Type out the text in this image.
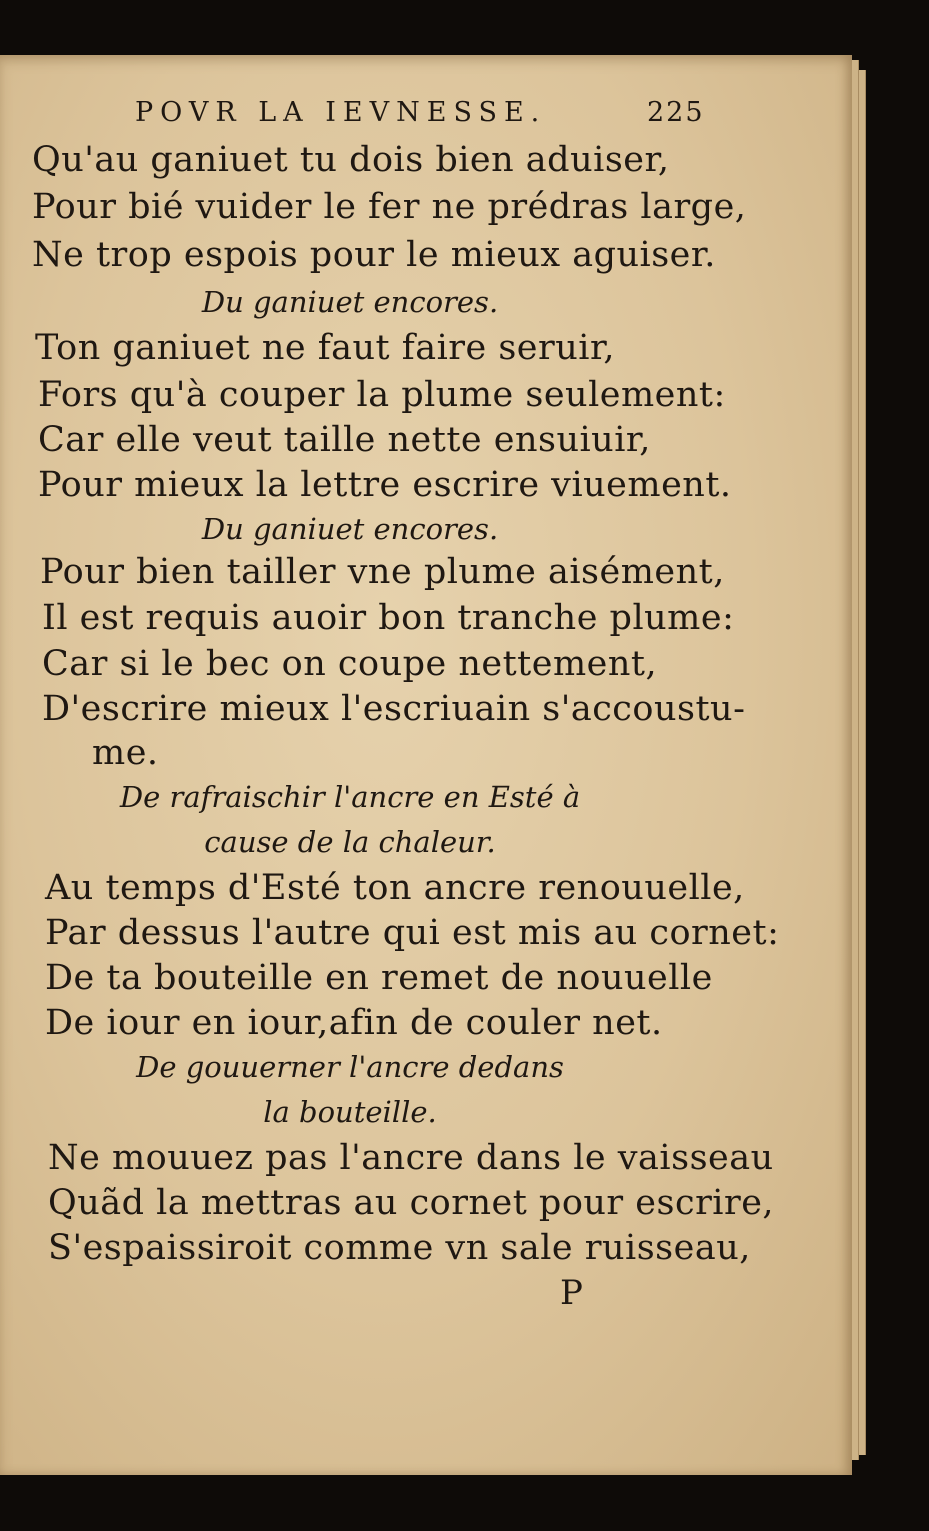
POVR LA IEVNESSE.	225
Qu'au ganiuet tu dois bien aduiser,
Pour bié vuider le fer ne prédras large,
Ne trop espois pour le mieux aguiser.
Du ganiuet encores.
Ton ganiuet ne faut faire seruir,
Fors qu'à couper la plume seulement:
Car elle veut taille nette ensuiuir,
Pour mieux la lettre escrire viuement.
Du ganiuet encores.
Pour bien tailler vne plume aisément,
Il est requis auoir bon tranche plume:
Car si le bec on coupe nettement,
D'escrire mieux l'escriuain s'accoustu-
me.
De rafraischir l'ancre en Esté à
cause de la chaleur.
Au temps d'Esté ton ancre renouuelle,
Par dessus l'autre qui est mis au cornet:
De ta bouteille en remet de nouuelle
De iour en iour,afin de couler net.
De gouuerner l'ancre dedans
la bouteille.
Ne mouuez pas l'ancre dans le vaisseau
Quãd la mettras au cornet pour escrire,
S'espaissiroit comme vn sale ruisseau,
P
